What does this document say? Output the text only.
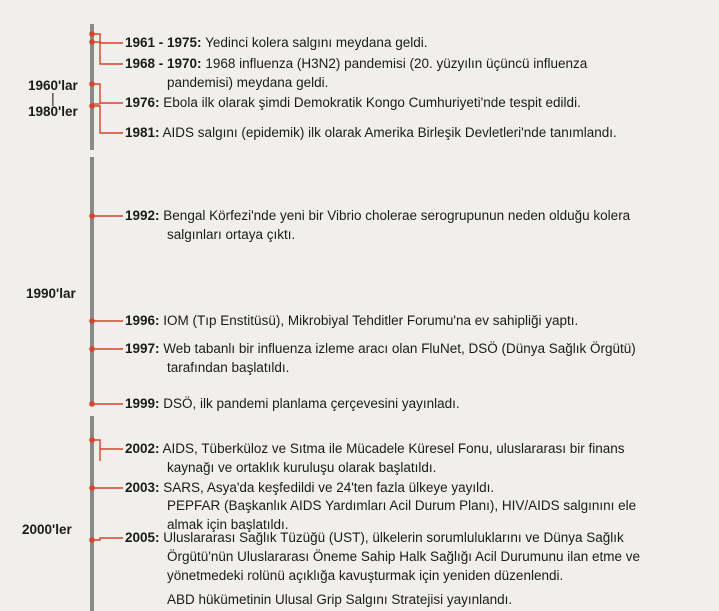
1960'lar
|
1980'ler
1990'lar
2000'ler
1961 - 1975: Yedinci kolera salgını meydana geldi.
1968 - 1970: 1968 influenza (H3N2) pandemisi (20. yüzyılın üçüncü influenza
pandemisi) meydana geldi.
1976: Ebola ilk olarak şimdi Demokratik Kongo Cumhuriyeti'nde tespit edildi.
1981: AIDS salgını (epidemik) ilk olarak Amerika Birleşik Devletleri'nde tanımlandı.
1992: Bengal Körfezi'nde yeni bir Vibrio cholerae serogrupunun neden olduğu kolera
salgınları ortaya çıktı.
1996: IOM (Tıp Enstitüsü), Mikrobiyal Tehditler Forumu'na ev sahipliği yaptı.
1997: Web tabanlı bir influenza izleme aracı olan FluNet, DSÖ (Dünya Sağlık Örgütü)
tarafından başlatıldı.
1999: DSÖ, ilk pandemi planlama çerçevesini yayınladı.
2002: AIDS, Tüberküloz ve Sıtma ile Mücadele Küresel Fonu, uluslararası bir finans
kaynağı ve ortaklık kuruluşu olarak başlatıldı.
2003: SARS, Asya'da keşfedildi ve 24'ten fazla ülkeye yayıldı.
2005: Uluslararası Sağlık Tüzüğü (UST), ülkelerin sorumluluklarını ve Dünya Sağlık
Örgütü'nün Uluslararası Öneme Sahip Halk Sağlığı Acil Durumunu ilan etme ve
yönetmedeki rolünü açıklığa kavuşturmak için yeniden düzenlendi.
PEPFAR (Başkanlık AIDS Yardımları Acil Durum Planı), HIV/AIDS salgınını ele
almak için başlatıldı.
ABD hükümetinin Ulusal Grip Salgını Stratejisi yayınlandı.
